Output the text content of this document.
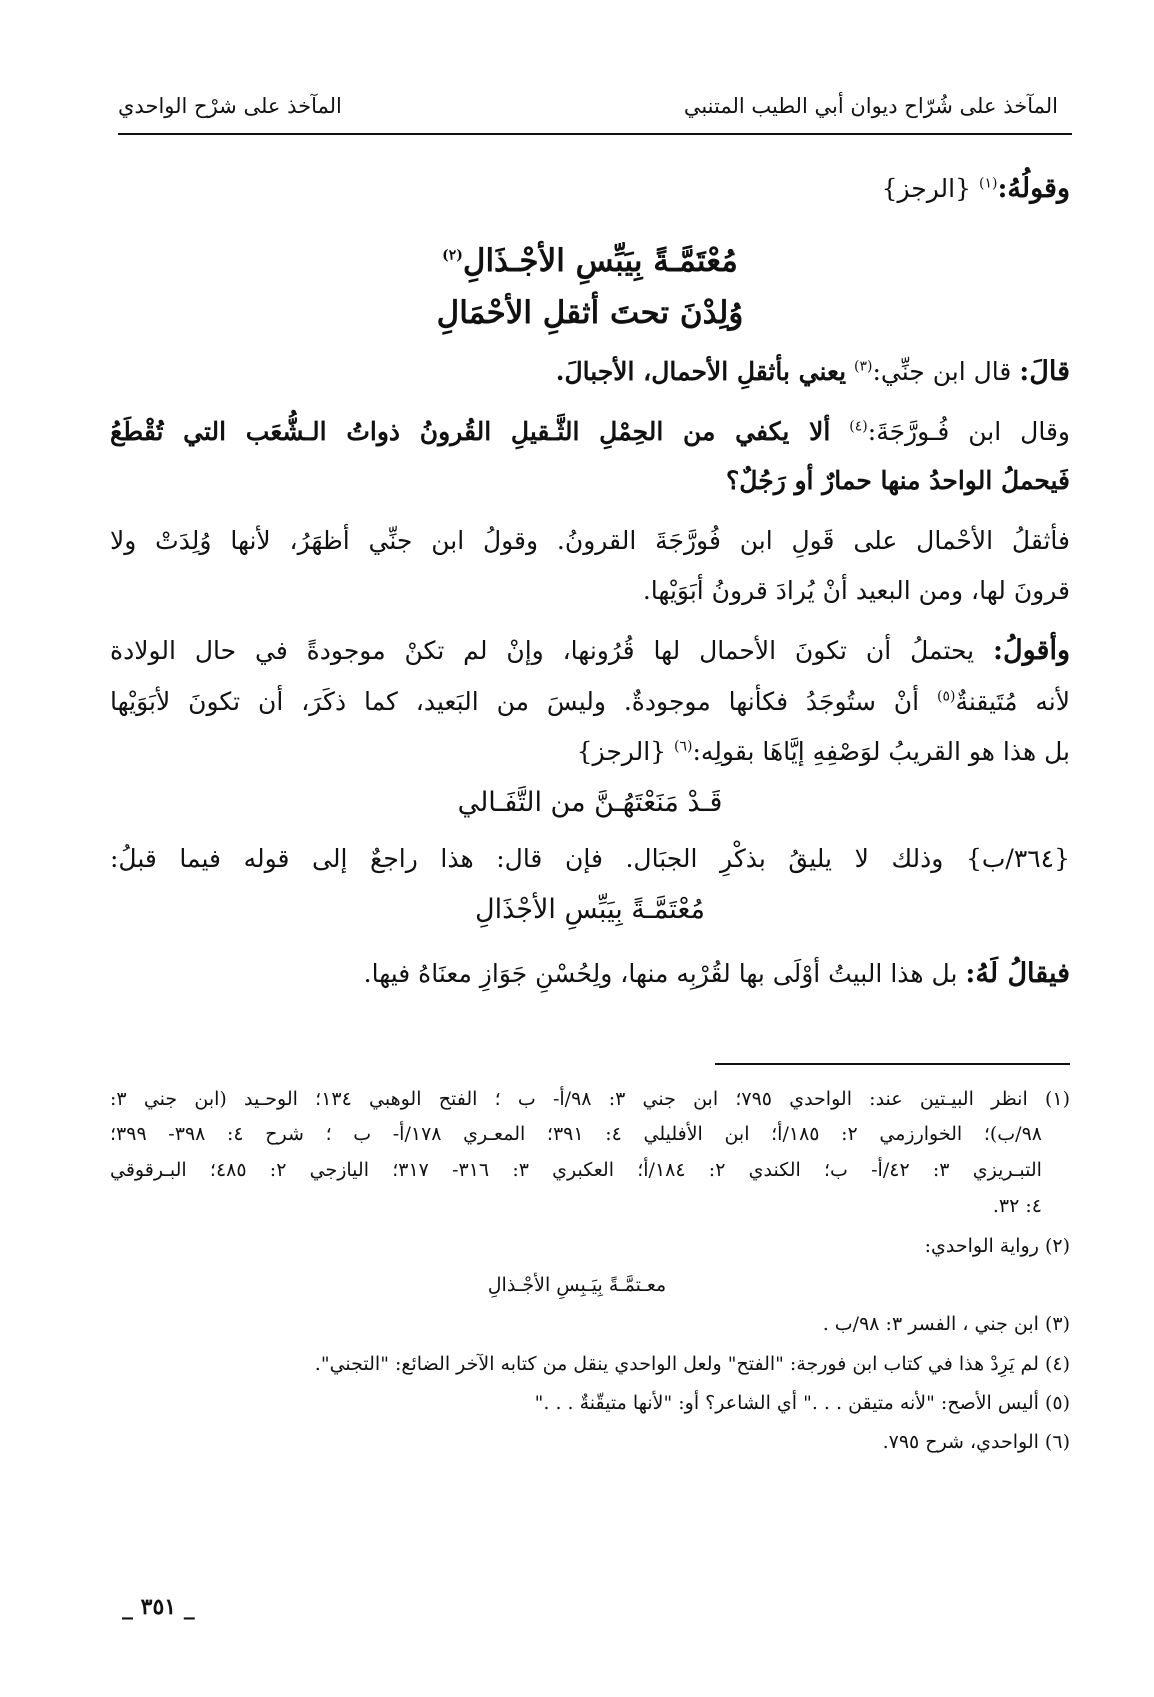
المآخذ على شُرّاح ديوان أبي الطيب المتنبي
المآخذ على شرْح الواحدي
وقولُهُ:$^{(١)}$ {الرجز}
مُعْتَمَّـةً بِيَبِّسِ الأجْـذَالِ$^{(٢)}$
وُلِدْنَ تحتَ أثقلِ الأحْمَالِ
قالَ: قال ابن جنِّي:$^{(٣)}$ يعني بأثقلِ الأحمال، الأجبالَ.
وقال ابن فُـورَّجَةَ:$^{(٤)}$ ألا يكفي من الحِمْلِ الثَّـقيلِ القُرونُ ذواتُ الـشُّعَب التي تُقْطَعُ
فَيحملُ الواحدُ منها حمارٌ أو رَجُلٌ؟
فأثقلُ الأحْمال على قَولِ ابن فُورَّجَةَ القرونُ. وقولُ ابن جنِّي أظهَرُ، لأنها وُلِدَتْ ولا
قرونَ لها، ومن البعيد أنْ يُرادَ قرونُ أبَوَيْها.
وأقولُ: يحتملُ أن تكونَ الأحمال لها قُرُونها، وإنْ لم تكنْ موجودةً في حال الولادة
لأنه مُتَيقنةٌ$^{(٥)}$ أنْ ستُوجَدُ فكأنها موجودةٌ. وليسَ من البَعيد، كما ذكَرَ، أن تكونَ لأبَوَيْها
بل هذا هو القريبُ لوَصْفِهِ إيَّاهَا بقولِه:$^{(٦)}$ {الرجز}
قَـدْ مَنَعْتَهُـنَّ من التَّفَـالي
{٣٦٤/ب} وذلك لا يليقُ بذكْرِ الجبَال. فإن قال: هذا راجعٌ إلى قوله فيما قبلُ:
مُعْتَمَّـةً بِيَبِّسِ الأجْذَالِ
فيقالُ لَهُ: بل هذا البيتُ أوْلَى بها لقُرْبِه منها، ولِحُسْنِ جَوَازِ معنَاهُ فيها.
(١) انظر البيـتين عند: الواحدي ٧٩٥؛ ابن جني ٣: ٩٨/أ- ب ؛ الفتح الوهبي ١٣٤؛ الوحـيد (ابن جني ٣:
٩٨/ب)؛ الخوارزمي ٢: ١٨٥/أ؛ ابن الأفليلي ٤: ٣٩١؛ المعـري ١٧٨/أ- ب ؛ شرح ٤: ٣٩٨- ٣٩٩؛
التبـريزي ٣: ٤٢/أ- ب؛ الكندي ٢: ١٨٤/أ؛ العكبري ٣: ٣١٦- ٣١٧؛ اليازجي ٢: ٤٨٥؛ البـرقوقي
٤: ٣٢.
(٢) رواية الواحدي:
معـتمَّـةً بِيَـبِسِ الأجْـذالِ
(٣) ابن جني ، الفسر ٣: ٩٨/ب .
(٤) لم يَرِدْ هذا في كتاب ابن فورجة: "الفتح" ولعل الواحدي ينقل من كتابه الآخر الضائع: "التجني".
(٥) أليس الأصح: "لأنه متيقن . . ." أي الشاعر؟ أو: "لأنها متيقّنةٌ . . ."
(٦) الواحدي، شرح ٧٩٥.
_ ٣٥١ _
